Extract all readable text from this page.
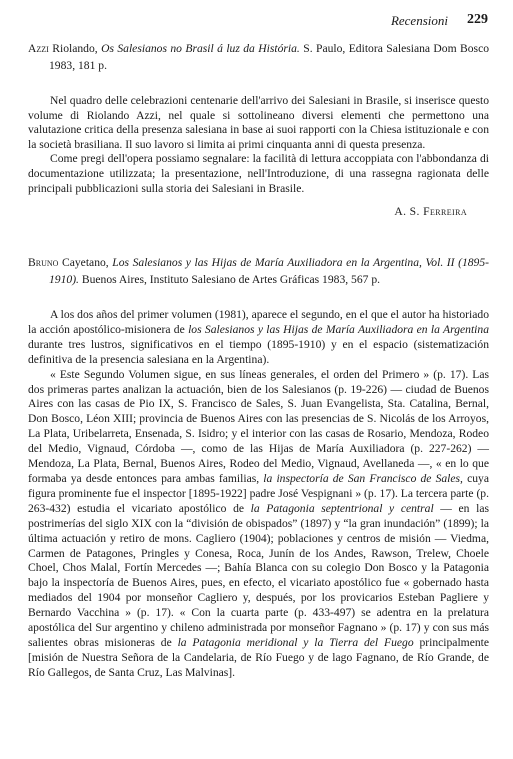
Recensioni 229
Azzi Riolando, Os Salesianos no Brasil á luz da História. S. Paulo, Editora Salesiana Dom Bosco 1983, 181 p.

Nel quadro delle celebrazioni centenarie dell'arrivo dei Salesiani in Brasile, si inserisce questo volume di Riolando Azzi, nel quale si sottolineano diversi elementi che permettono una valutazione critica della presenza salesiana in base ai suoi rapporti con la Chiesa istituzionale e con la società brasiliana. Il suo lavoro si limita ai primi cinquanta anni di questa presenza.

Come pregi dell'opera possiamo segnalare: la facilità di lettura accoppiata con l'abbondanza di documentazione utilizzata; la presentazione, nell'Introduzione, di una rassegna ragionata delle principali pubblicazioni sulla storia dei Salesiani in Brasile.

A. S. Ferreira
Bruno Cayetano, Los Salesianos y las Hijas de María Auxiliadora en la Argentina, Vol. II (1895-1910). Buenos Aires, Instituto Salesiano de Artes Gráficas 1983, 567 p.

A los dos años del primer volumen (1981), aparece el segundo, en el que el autor ha historiado la acción apostólico-misionera de los Salesianos y las Hijas de María Auxiliadora en la Argentina durante tres lustros, significativos en el tiempo (1895-1910) y en el espacio (sistematización definitiva de la presencia salesiana en la Argentina).

« Este Segundo Volumen sigue, en sus líneas generales, el orden del Primero » (p. 17). Las dos primeras partes analizan la actuación, bien de los Salesianos (p. 19-226) — ciudad de Buenos Aires con las casas de Pio IX, S. Francisco de Sales, S. Juan Evangelista, Sta. Catalina, Bernal, Don Bosco, Léon XIII; provincia de Buenos Aires con las presencias de S. Nicolás de los Arroyos, La Plata, Uribelarreta, Ensenada, S. Isidro; y el interior con las casas de Rosario, Mendoza, Rodeo del Medio, Vignaud, Córdoba —, como de las Hijas de María Auxiliadora (p. 227-262) — Mendoza, La Plata, Bernal, Buenos Aires, Rodeo del Medio, Vignaud, Avellaneda —, « en lo que formaba ya desde entonces para ambas familias, la inspectoría de San Francisco de Sales, cuya figura prominente fue el inspector [1895-1922] padre José Vespignani » (p. 17). La tercera parte (p. 263-432) estudia el vicariato apostólico de la Patagonia septentrional y central — en las postrimerías del siglo XIX con la “división de obispados” (1897) y “la gran inundación” (1899); la última actuación y retiro de mons. Cagliero (1904); poblaciones y centros de misión — Viedma, Carmen de Patagones, Pringles y Conesa, Roca, Junín de los Andes, Rawson, Trelew, Choele Choel, Chos Malal, Fortín Mercedes —; Bahía Blanca con su colegio Don Bosco y la Patagonia bajo la inspectoría de Buenos Aires, pues, en efecto, el vicariato apostólico fue « gobernado hasta mediados del 1904 por monseñor Cagliero y, después, por los provicarios Esteban Pagliere y Bernardo Vacchina » (p. 17). « Con la cuarta parte (p. 433-497) se adentra en la prelatura apostólica del Sur argentino y chileno administrada por monseñor Fagnano » (p. 17) y con sus más salientes obras misioneras de la Patagonia meridional y la Tierra del Fuego principalmente [misión de Nuestra Señora de la Candelaria, de Río Fuego y de lago Fagnano, de Río Grande, de Río Gallegos, de Santa Cruz, Las Malvinas].
